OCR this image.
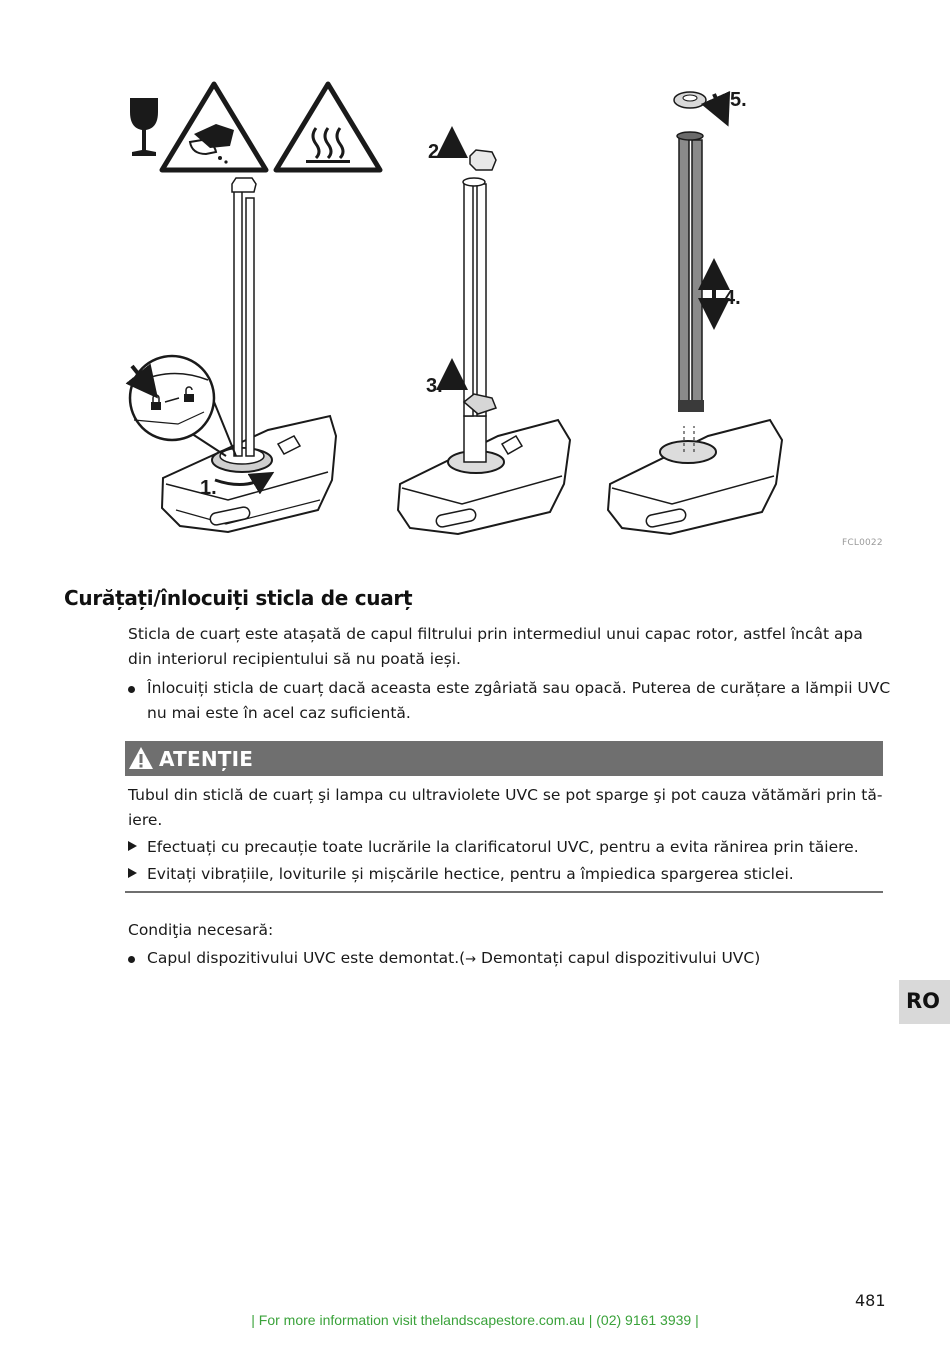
1.
2.
3.
5.
4.
FCL0022
Curățați/înlocuiți sticla de cuarț
Sticla de cuarț este atașată de capul filtrului prin intermediul unui capac rotor, astfel încât apa
din interiorul recipientului să nu poată ieși.
Înlocuiți sticla de cuarț dacă aceasta este zgâriată sau opacă. Puterea de curățare a lămpii UVC
nu mai este în acel caz suficientă.
ATENȚIE
Tubul din sticlă de cuarț şi lampa cu ultraviolete UVC se pot sparge şi pot cauza vătămări prin tă-
iere.
Efectuați cu precauție toate lucrările la clarificatorul UVC, pentru a evita rănirea prin tăiere.
Evitați vibrațiile, loviturile și mișcările hectice, pentru a împiedica spargerea sticlei.
Condiţia necesară:
Capul dispozitivului UVC este demontat.(→ Demontați capul dispozitivului UVC)
RO
481
| For more information visit thelandscapestore.com.au | (02) 9161 3939 |
